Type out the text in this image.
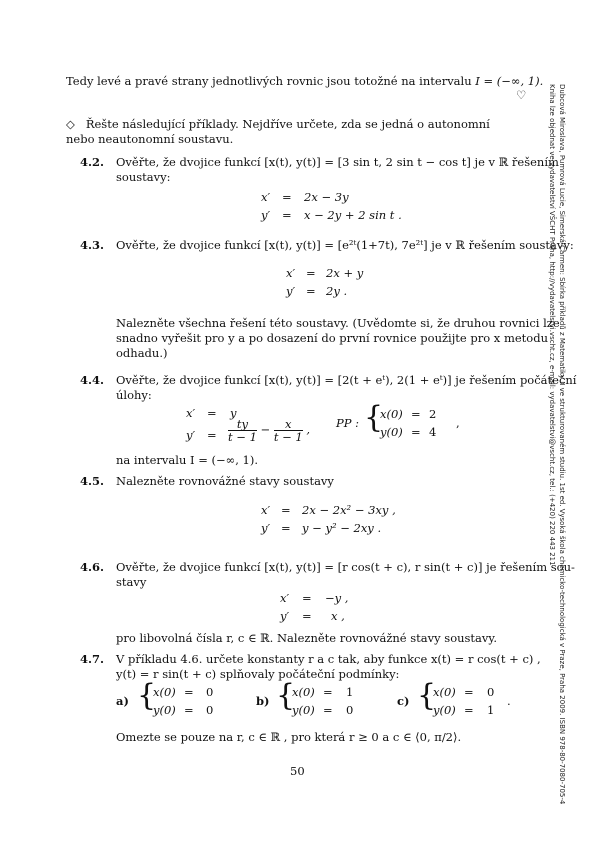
Dubcová Miroslava, Pumrová Lucie, Simerská Carmen: Sbírka příkladů z Matematiky II ve strukturovaném studiu. 1st ed. Vysoká škola chemicko-technologická v Praze, Praha 2009. ISBN 978-80-7080-705-4
Kniha lze objednat ve vydavatelství VŠCHT Praha, http://vydavatelstvi.vscht.cz, e-mail: vydavatelstvi@vscht.cz, tel.: (+420) 220 443 211
Tedy levé a pravé strany jednotlivých rovnic jsou totožné na intervalu I = (−∞, 1).
♡
◇ Řešte následující příklady. Nejdříve určete, zda se jedná o autonomní nebo neautonomní soustavu.
4.2. Ověřte, že dvojice funkcí [x(t), y(t)] = [3 sin t, 2 sin t − cos t] je v ℝ řešením
soustavy:
x′ = 2x − 3y
y′ = x − 2y + 2 sin t .
4.3. Ověřte, že dvojice funkcí [x(t), y(t)] = [e²ᵗ(1+7t), 7e²ᵗ] je v ℝ řešením soustavy:
x′ = 2x + y
y′ = 2y .
Nalezněte všechna řešení této soustavy. (Uvědomte si, že druhou rovnici lze
snadno vyřešit pro y a po dosazení do první rovnice použijte pro x metodu
odhadu.)
4.4. Ověřte, že dvojice funkcí [x(t), y(t)] = [2(t + eᵗ), 2(1 + eᵗ)] je řešením počáteční
úlohy:
x′ = y
$y' = \frac{ty}{t - 1} - \frac{x}{t - 1}$ , PP : {
x(0) = 2
y(0) = 4
,
na intervalu I = (−∞, 1).
4.5. Nalezněte rovnovážné stavy soustavy
x′ = 2x − 2x² − 3xy ,
y′ = y − y² − 2xy .
4.6. Ověřte, že dvojice funkcí [x(t), y(t)] = [r cos(t + c), r sin(t + c)] je řešením sou-
stavy
x′ = −y ,
y′ = x ,
pro libovolná čísla r, c ∈ ℝ. Nalezněte rovnovážné stavy soustavy.
4.7. V příkladu 4.6. určete konstanty r a c tak, aby funkce x(t) = r cos(t + c) ,
y(t) = r sin(t + c) splňovaly počáteční podmínky:
a) {
x(0) = 0
y(0) = 0
b) {
x(0) = 1
y(0) = 0
c) {
x(0) = 0
y(0) = 1
.
Omezte se pouze na r, c ∈ ℝ , pro která r ≥ 0 a c ∈ ⟨0, π/2⟩.
50
